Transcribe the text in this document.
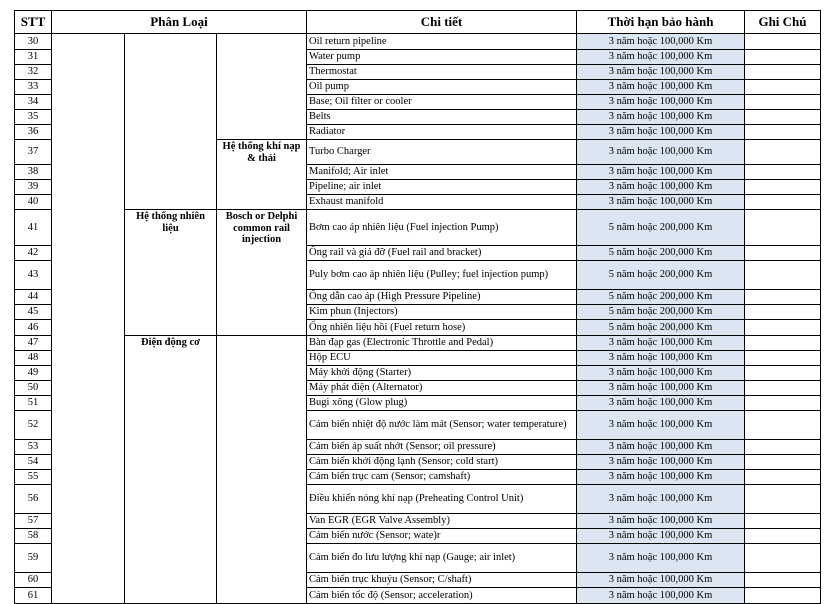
STT	Phân Loại			Chi tiết	Thời hạn bảo hành	Ghi Chú
30				Oil return pipeline	3 năm hoặc 100,000 Km	
31				Water pump	3 năm hoặc 100,000 Km	
32				Thermostat	3 năm hoặc 100,000 Km	
33				Oil pump	3 năm hoặc 100,000 Km	
34				Base; Oil filter or cooler	3 năm hoặc 100,000 Km	
35				Belts	3 năm hoặc 100,000 Km	
36				Radiator	3 năm hoặc 100,000 Km	
37			Hệ thống khí nạp & thải	Turbo Charger	3 năm hoặc 100,000 Km	
38				Manifold; Air inlet	3 năm hoặc 100,000 Km	
39				Pipeline; air inlet	3 năm hoặc 100,000 Km	
40				Exhaust manifold	3 năm hoặc 100,000 Km	
41		Hệ thống nhiên liệu	Bosch or Delphi common rail injection	Bơm cao áp nhiên liệu (Fuel injection Pump)	5 năm hoặc 200,000 Km	
42				Ống rail và giá đỡ (Fuel rail and bracket)	5 năm hoặc 200,000 Km	
43				Puly bơm cao áp nhiên liệu (Pulley; fuel injection pump)	5 năm hoặc 200,000 Km	
44				Ống dẫn cao áp (High Pressure Pipeline)	5 năm hoặc 200,000 Km	
45				Kim phun (Injectors)	5 năm hoặc 200,000 Km	
46				Ống nhiên liệu hồi (Fuel return hose)	5 năm hoặc 200,000 Km	
47		Điện động cơ		Bàn đạp gas (Electronic Throttle and Pedal)	3 năm hoặc 100,000 Km	
48				Hộp ECU	3 năm hoặc 100,000 Km	
49				Máy khởi động (Starter)	3 năm hoặc 100,000 Km	
50				Máy phát điện (Alternator)	3 năm hoặc 100,000 Km	
51				Bugi xông (Glow plug)	3 năm hoặc 100,000 Km	
52				Cảm biến nhiệt độ nước làm mát (Sensor; water temperature)	3 năm hoặc 100,000 Km	
53				Cảm biến áp suất nhớt (Sensor; oil pressure)	3 năm hoặc 100,000 Km	
54				Cảm biến khởi động lạnh (Sensor; cold start)	3 năm hoặc 100,000 Km	
55				Cảm biến trục cam (Sensor; camshaft)	3 năm hoặc 100,000 Km	
56				Điều khiển nóng khí nạp (Preheating Control Unit)	3 năm hoặc 100,000 Km	
57				Van EGR (EGR Valve Assembly)	3 năm hoặc 100,000 Km	
58				Cảm biến nước (Sensor; wate)r	3 năm hoặc 100,000 Km	
59				Cảm biến đo lưu lượng khí nạp (Gauge; air inlet)	3 năm hoặc 100,000 Km	
60				Cảm biến trục khuỷu (Sensor; C/shaft)	3 năm hoặc 100,000 Km	
61				Cảm biến tốc độ (Sensor; acceleration)	3 năm hoặc 100,000 Km	
